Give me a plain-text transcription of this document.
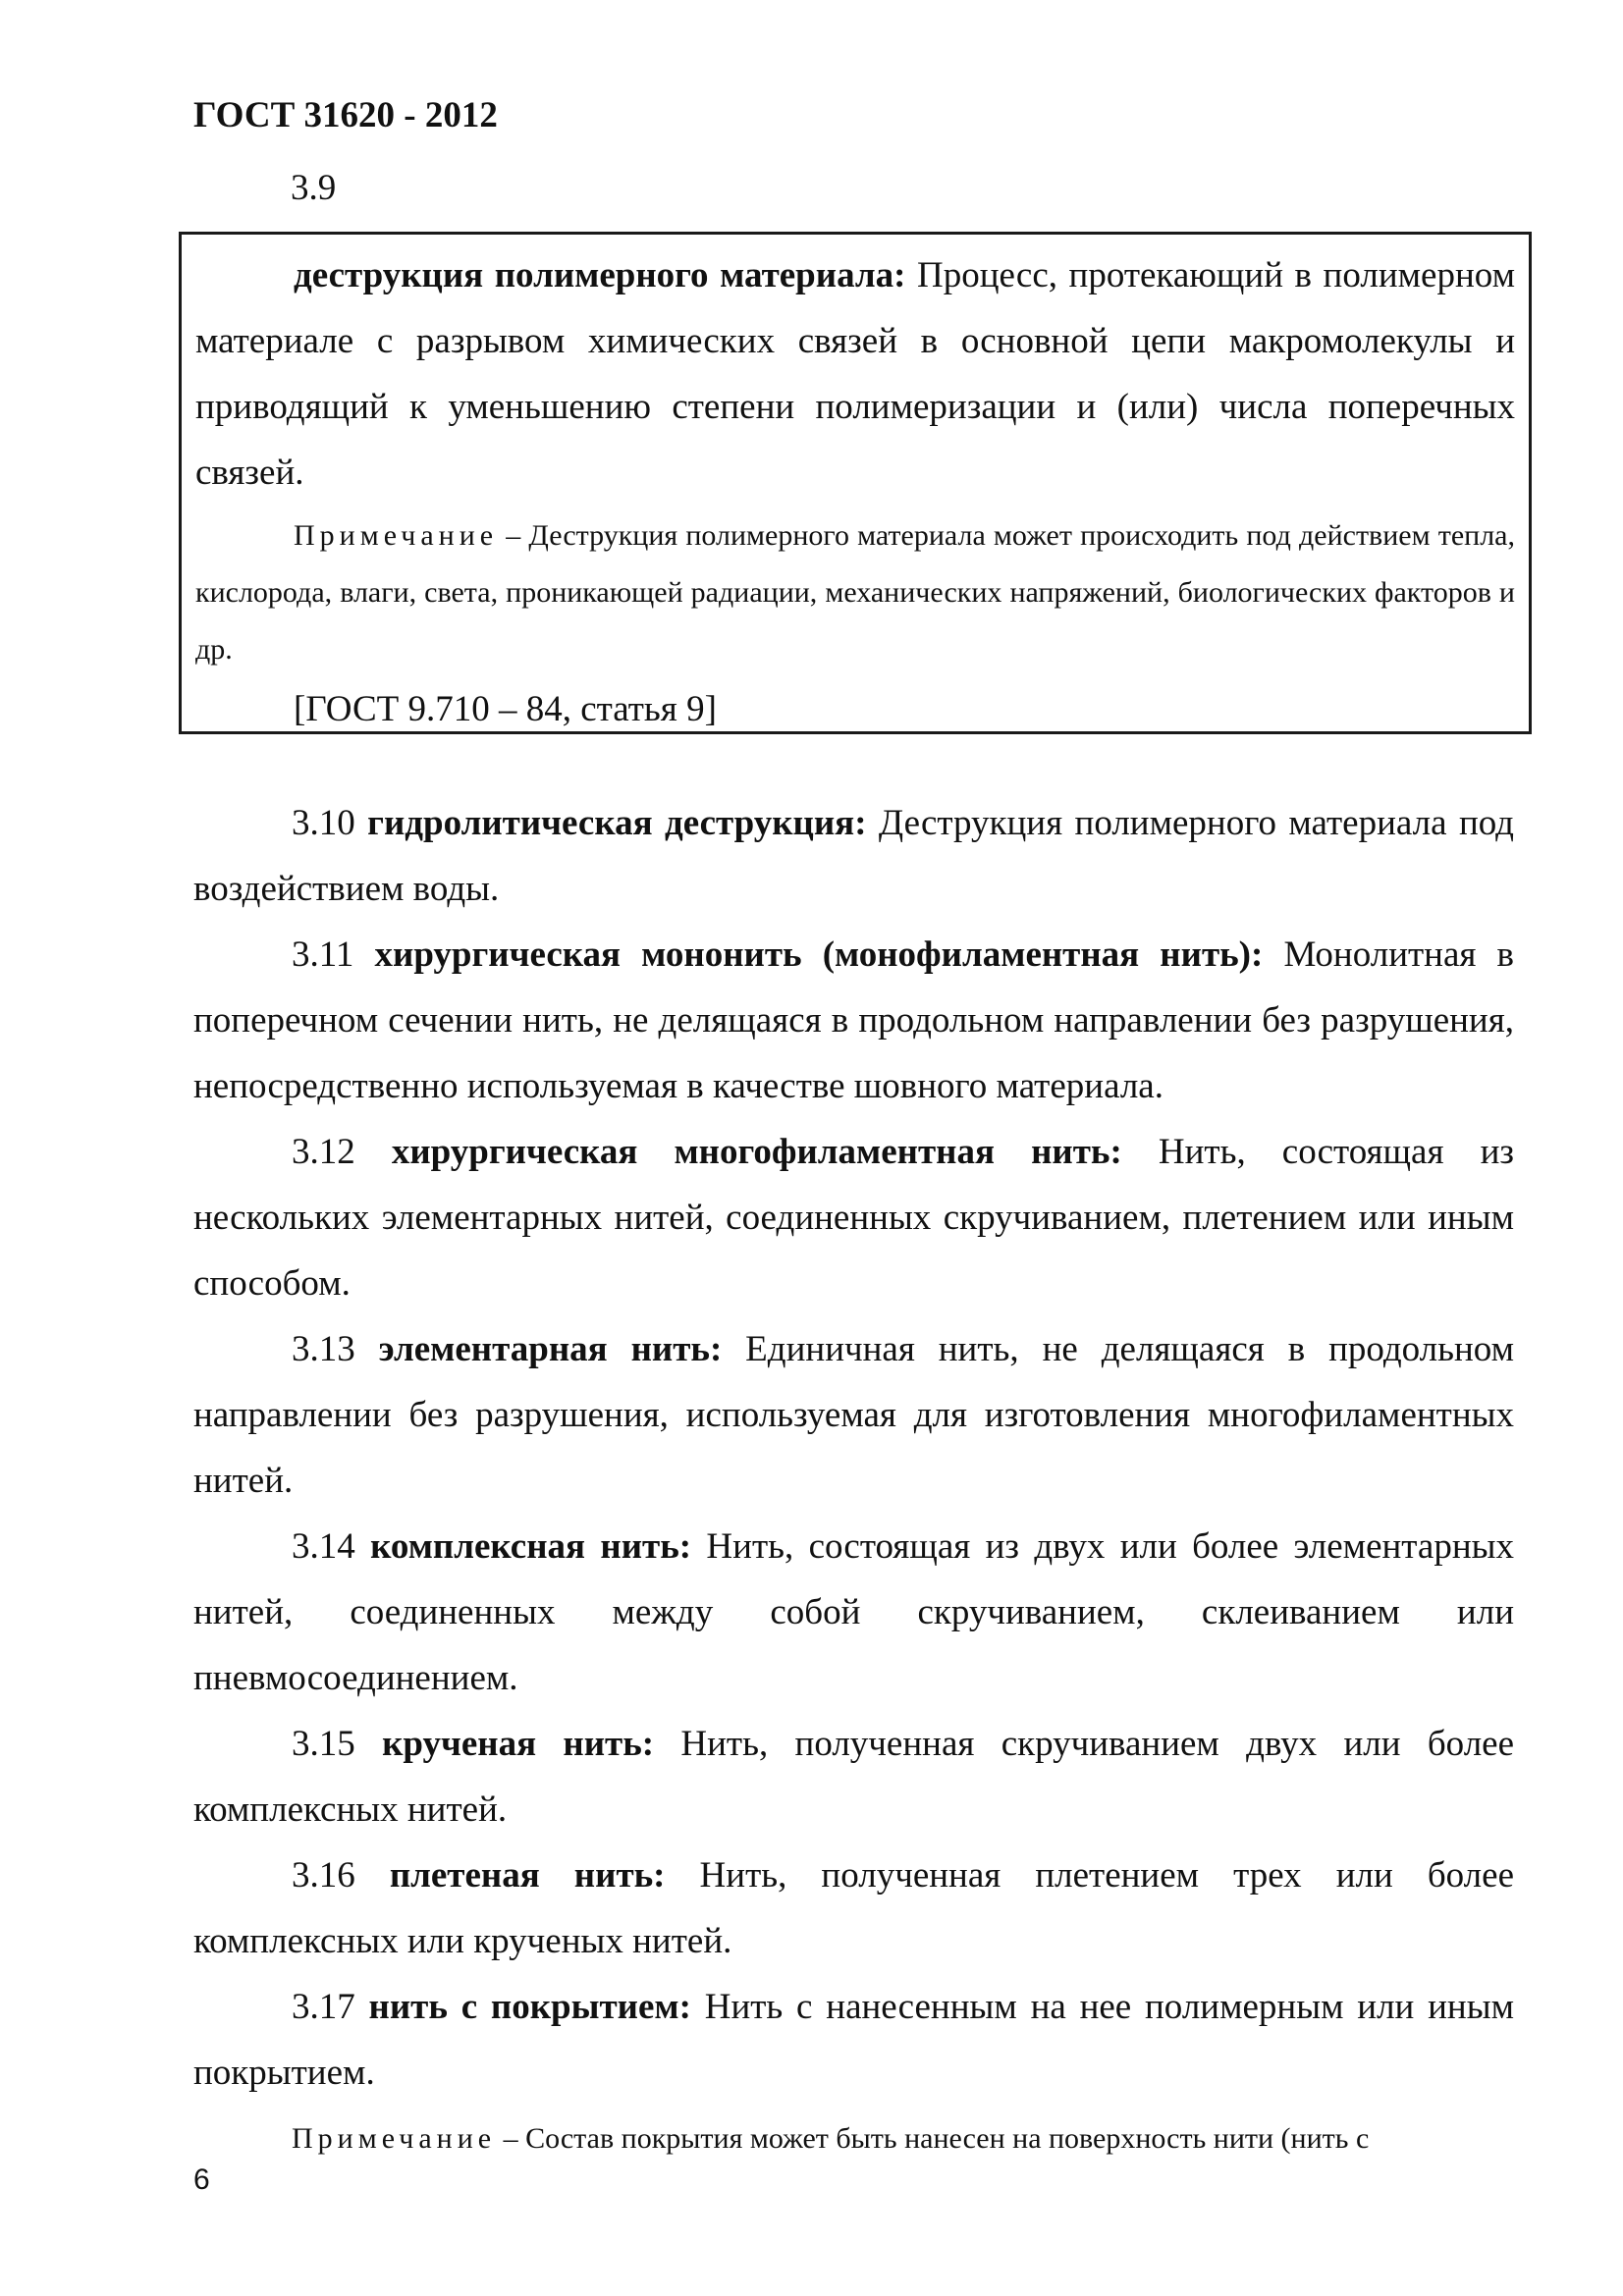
ГОСТ 31620 - 2012
3.9

деструкция полимерного материала: Процесс, протекающий в полимерном материале с разрывом химических связей в основной цепи макромолекулы и приводящий к уменьшению степени полимеризации и (или) числа поперечных связей.

Примечание – Деструкция полимерного материала может происходить под действием тепла, кислорода, влаги, света, проникающей радиации, механических напряжений, биологических факторов и др.

[ГОСТ 9.710 – 84, статья 9]

3.10 гидролитическая деструкция: Деструкция полимерного материала под воздействием воды.

3.11 хирургическая мононить (монофиламентная нить): Монолитная в поперечном сечении нить, не делящаяся в продольном направлении без разрушения, непосредственно используемая в качестве шовного материала.

3.12 хирургическая многофиламентная нить: Нить, состоящая из нескольких элементарных нитей, соединенных скручиванием, плетением или иным способом.

3.13 элементарная нить: Единичная нить, не делящаяся в продольном направлении без разрушения, используемая для изготовления многофиламентных нитей.

3.14 комплексная нить: Нить, состоящая из двух или более элементарных нитей, соединенных между собой скручиванием, склеиванием или пневмосоединением.

3.15 крученая нить: Нить, полученная скручиванием двух или более комплексных нитей.

3.16 плетеная нить: Нить, полученная плетением трех или более комплексных или крученых нитей.

3.17 нить с покрытием: Нить с нанесенным на нее полимерным или иным покрытием.

Примечание – Состав покрытия может быть нанесен на поверхность нити (нить с

6
